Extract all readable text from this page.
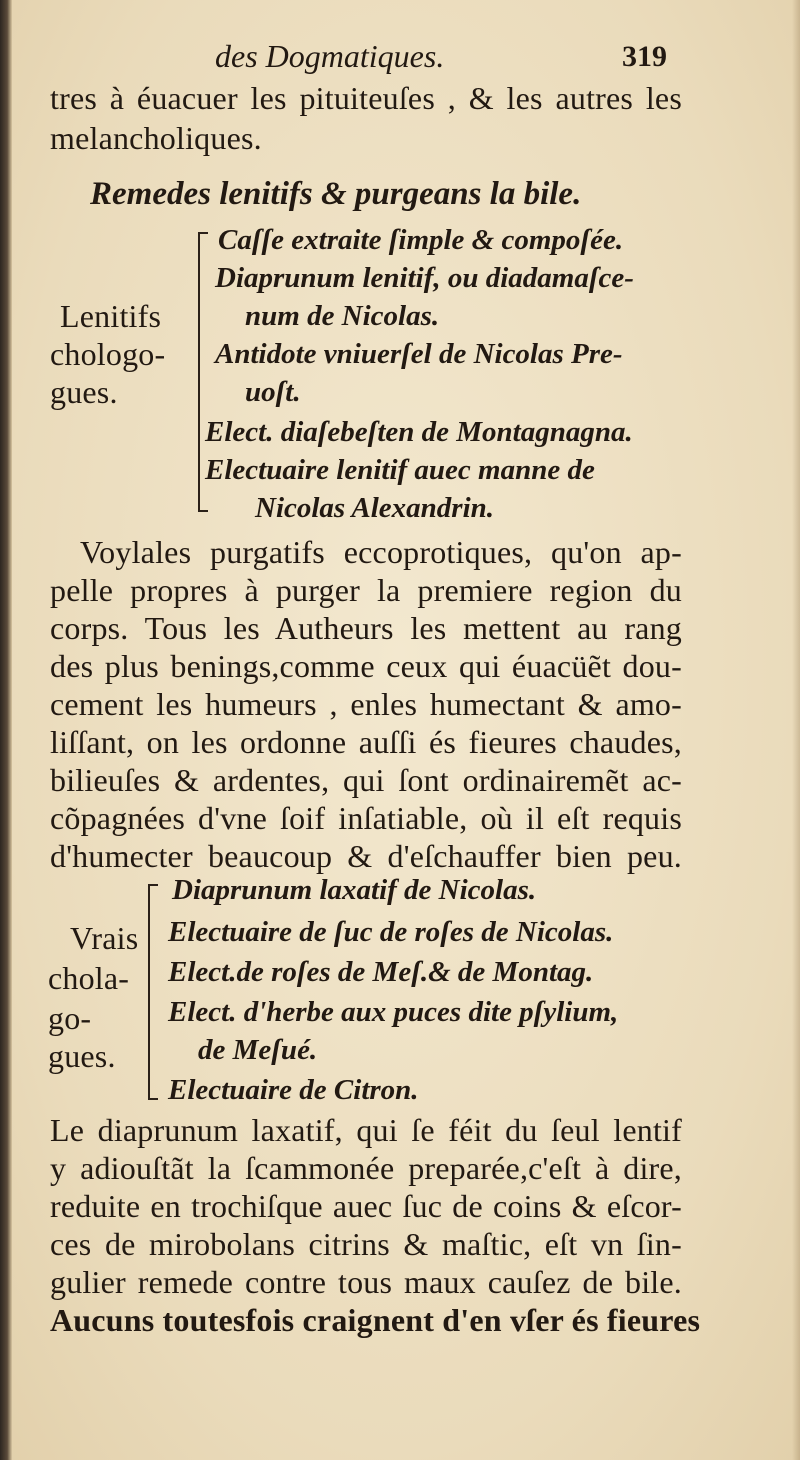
des Dogmatiques.	319
tres à éuacuer les pituiteuſes , & les autres les
melancholiques.
Remedes lenitifs & purgeans la bile.
Lenitifs
chologo-
gues.
Caſſe extraite ſimple & compoſée.
Diaprunum lenitif, ou diadamaſce-
num de Nicolas.
Antidote vniuerſel de Nicolas Pre-
uoſt.
Elect. diaſebeſten de Montagnagna.
Electuaire lenitif auec manne de
Nicolas Alexandrin.
Voylales purgatifs eccoprotiques, qu'on ap-
pelle propres à purger la premiere region du
corps. Tous les Autheurs les mettent au rang
des plus benings,comme ceux qui éuacüẽt dou-
cement les humeurs , enles humectant & amo-
liſſant, on les ordonne auſſi és fieures chaudes,
bilieuſes & ardentes, qui ſont ordinairemẽt ac-
cõpagnées d'vne ſoif inſatiable, où il eſt requis
d'humecter beaucoup & d'eſchauffer bien peu.
Vrais
chola-
go-
gues.
Diaprunum laxatif de Nicolas.
Electuaire de ſuc de roſes de Nicolas.
Elect.de roſes de Meſ.& de Montag.
Elect. d'herbe aux puces dite pſylium,
de Meſué.
Electuaire de Citron.
Le diaprunum laxatif, qui ſe féit du ſeul lentif
y adiouſtãt la ſcammonée preparée,c'eſt à dire,
reduite en trochiſque auec ſuc de coins & eſcor-
ces de mirobolans citrins & maſtic, eſt vn ſin-
gulier remede contre tous maux cauſez de bile.
Aucuns toutesfois craignent d'en vſer és fieures
